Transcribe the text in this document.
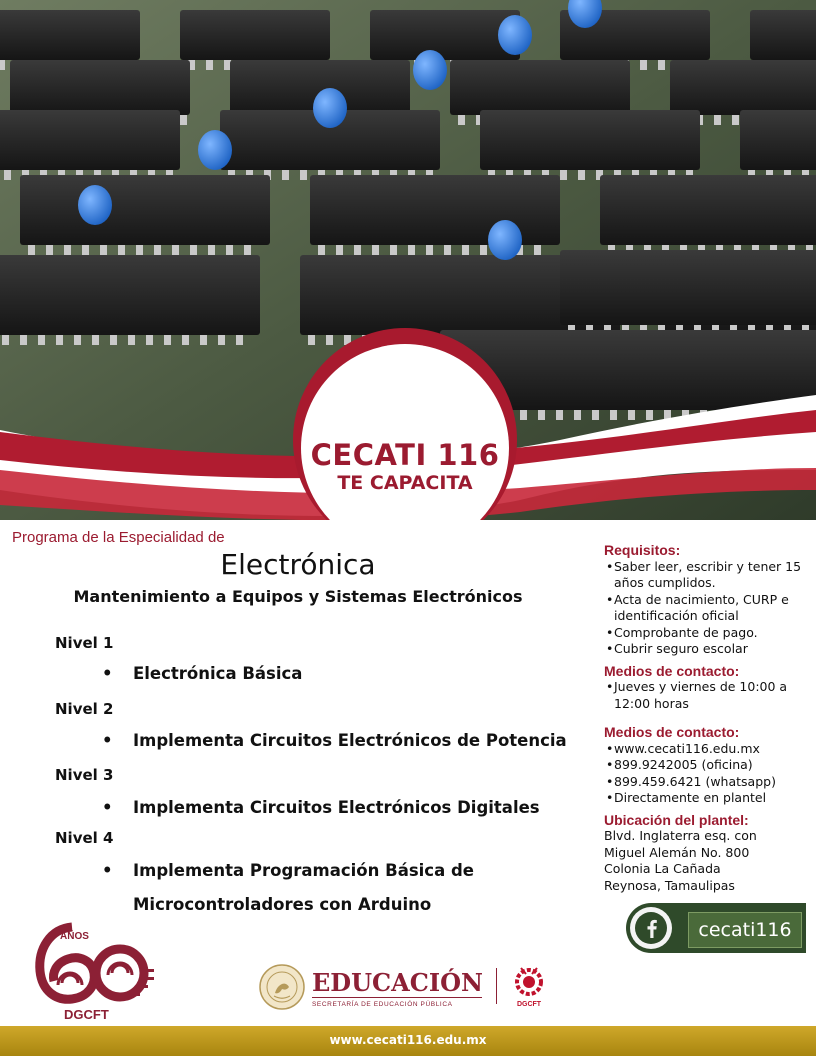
CECATI 116
TE CAPACITA
Programa de la Especialidad de
Electrónica
Mantenimiento a Equipos y Sistemas Electrónicos
Nivel 1
• Electrónica Básica
Nivel 2
• Implementa Circuitos Electrónicos de Potencia
Nivel 3
• Implementa Circuitos Electrónicos Digitales
Nivel 4
• Implementa Programación Básica de
Microcontroladores con Arduino

Requisitos:

• Saber leer, escribir y tener 15 años cumplidos.
• Acta de nacimiento, CURP e identificación oficial
• Comprobante de pago.
• Cubrir seguro escolar

Medios de contacto:

• Jueves y viernes de 10:00 a 12:00 horas

Medios de contacto:

• www.cecati116.edu.mx
• 899.9242005 (oficina)
• 899.459.6421 (whatsapp)
• Directamente en plantel

Ubicación del plantel:

Blvd. Inglaterra esq. con

Miguel Alemán No. 800

Colonia La Cañada

Reynosa, Tamaulipas

cecati116
AÑOS
DGCFT
EDUCACIÓN
SECRETARÍA DE EDUCACIÓN PÚBLICA	DGCFT
www.cecati116.edu.mx
